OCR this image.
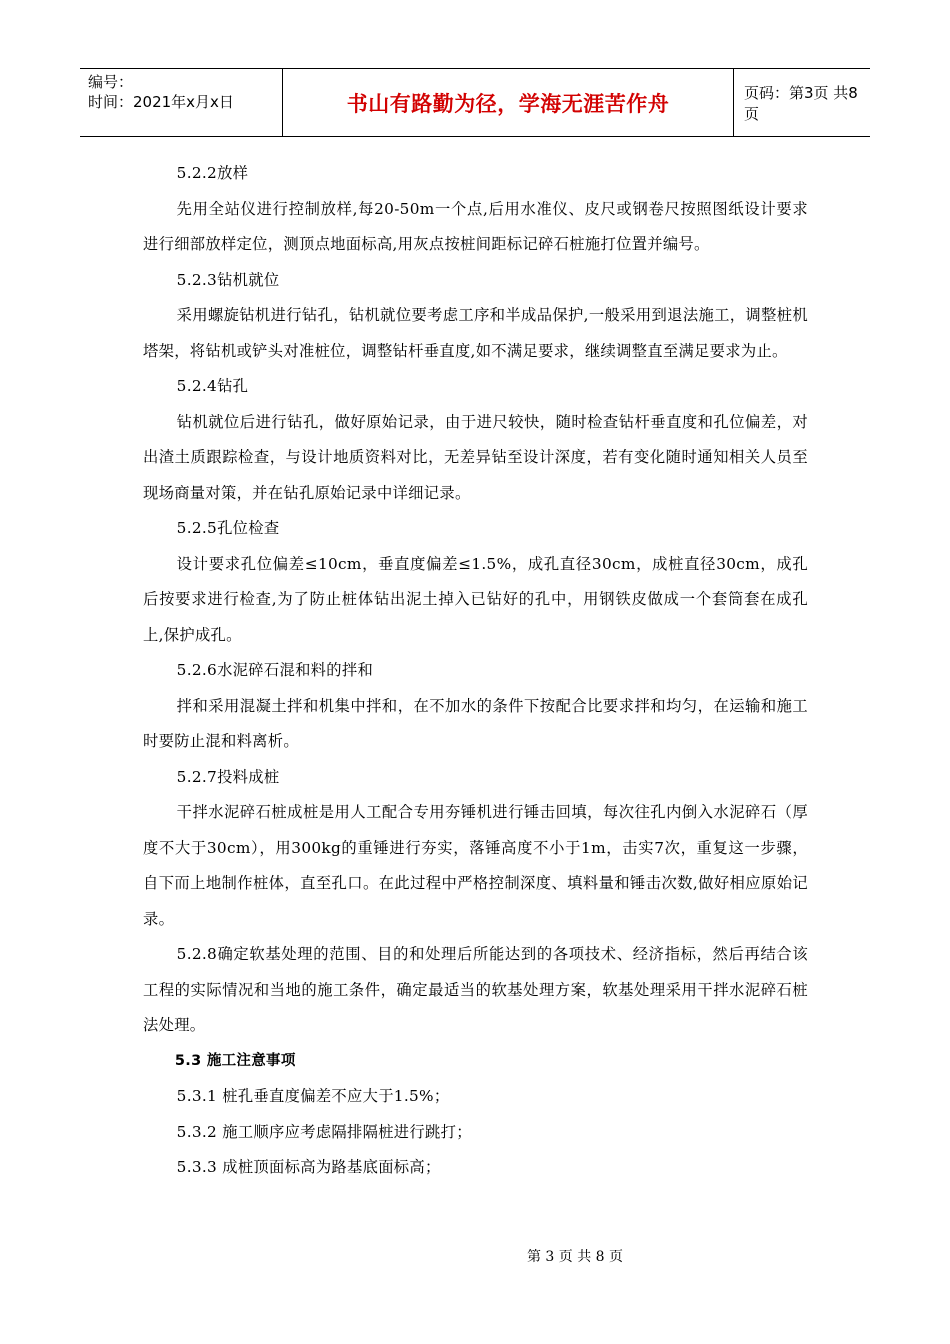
编号：
时间：2021年x月x日	书山有路勤为径，学海无涯苦作舟	页码：第3页 共8页

5.2.2放样

先用全站仪进行控制放样,每20-50m一个点,后用水准仪、皮尺或钢卷尺按照图纸设计要求进行细部放样定位，测顶点地面标高,用灰点按桩间距标记碎石桩施打位置并编号。

5.2.3钻机就位

采用螺旋钻机进行钻孔，钻机就位要考虑工序和半成品保护,一般采用到退法施工，调整桩机塔架，将钻机或铲头对准桩位，调整钻杆垂直度,如不满足要求，继续调整直至满足要求为止。

5.2.4钻孔

钻机就位后进行钻孔，做好原始记录，由于进尺较快，随时检查钻杆垂直度和孔位偏差，对出渣土质跟踪检查，与设计地质资料对比，无差异钻至设计深度，若有变化随时通知相关人员至现场商量对策，并在钻孔原始记录中详细记录。

5.2.5孔位检查

设计要求孔位偏差≤10cm，垂直度偏差≤1.5%，成孔直径30cm，成桩直径30cm，成孔后按要求进行检查,为了防止桩体钻出泥土掉入已钻好的孔中，用钢铁皮做成一个套筒套在成孔上,保护成孔。

5.2.6水泥碎石混和料的拌和

拌和采用混凝土拌和机集中拌和，在不加水的条件下按配合比要求拌和均匀，在运输和施工时要防止混和料离析。

5.2.7投料成桩

干拌水泥碎石桩成桩是用人工配合专用夯锤机进行锤击回填，每次往孔内倒入水泥碎石（厚度不大于30cm），用300kg的重锤进行夯实，落锤高度不小于1m，击实7次，重复这一步骤，自下而上地制作桩体，直至孔口。在此过程中严格控制深度、填料量和锤击次数,做好相应原始记录。

5.2.8确定软基处理的范围、目的和处理后所能达到的各项技术、经济指标，然后再结合该工程的实际情况和当地的施工条件，确定最适当的软基处理方案，软基处理采用干拌水泥碎石桩法处理。

5.3 施工注意事项

5.3.1 桩孔垂直度偏差不应大于1.5%；

5.3.2 施工顺序应考虑隔排隔桩进行跳打；

5.3.3 成桩顶面标高为路基底面标高；

第 3 页 共 8 页
